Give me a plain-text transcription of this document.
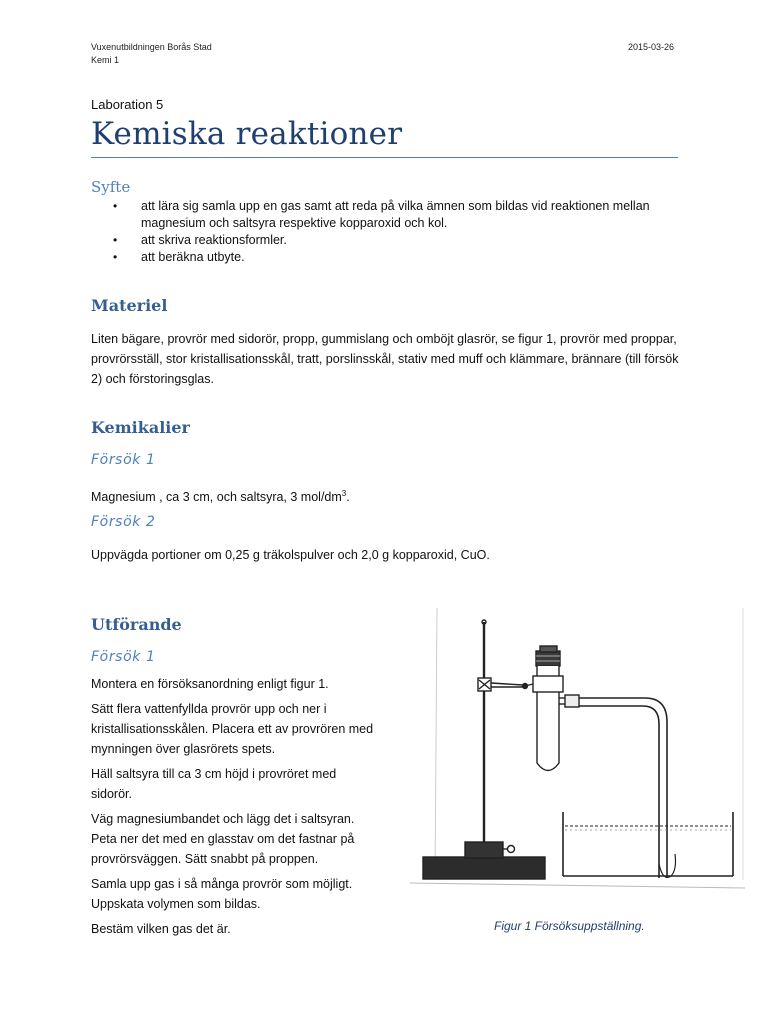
Vuxenutbildningen Borås Stad
Kemi 1
2015-03-26
Laboration 5
Kemiska reaktioner
Syfte
• att lära sig samla upp en gas samt att reda på vilka ämnen som bildas vid reaktionen mellan magnesium och saltsyra respektive kopparoxid och kol.
• att skriva reaktionsformler.
• att beräkna utbyte.
Materiel
Liten bägare, provrör med sidorör, propp, gummislang och omböjt glasrör, se figur 1, provrör med proppar, provrörsställ, stor kristallisationsskål, tratt, porslinsskål, stativ med muff och klämmare, brännare (till försök 2) och förstoringsglas.
Kemikalier
Försök 1
Magnesium , ca 3 cm, och saltsyra, 3 mol/$dm^3$.
Försök 2
Uppvägda portioner om 0,25 g träkolspulver och 2,0 g kopparoxid, CuO.
Utförande
Försök 1
Montera en försöksanordning enligt figur 1.
Sätt flera vattenfyllda provrör upp och ner i kristallisationsskålen. Placera ett av provrören med mynningen över glasrörets spets.
Häll saltsyra till ca 3 cm höjd i provröret med sidorör.
Väg magnesiumbandet och lägg det i saltsyran. Peta ner det med en glasstav om det fastnar på provrörsväggen. Sätt snabbt på proppen.
Samla upp gas i så många provrör som möjligt. Uppskata volymen som bildas.
Bestäm vilken gas det är.	Figur 1 Försöksuppställning.
